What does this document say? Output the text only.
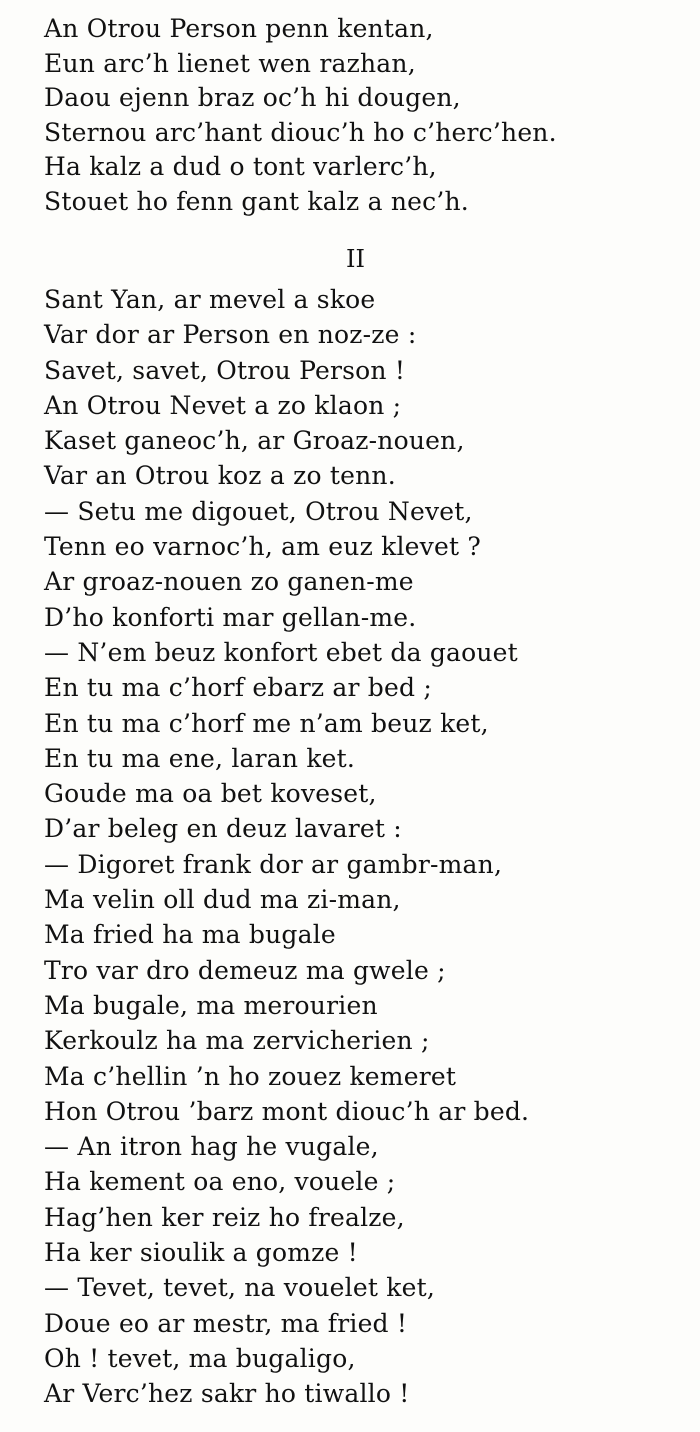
An Otrou Person penn kentan,
Eun arc’h lienet wen razhan,
Daou ejenn braz oc’h hi dougen,
Sternou arc’hant diouc’h ho c’herc’hen.
Ha kalz a dud o tont varlerc’h,
Stouet ho fenn gant kalz a nec’h.
II
Sant Yan, ar mevel a skoe
Var dor ar Person en noz-ze :
Savet, savet, Otrou Person !
An Otrou Nevet a zo klaon ;
Kaset ganeoc’h, ar Groaz-nouen,
Var an Otrou koz a zo tenn.
— Setu me digouet, Otrou Nevet,
Tenn eo varnoc’h, am euz klevet ?
Ar groaz-nouen zo ganen-me
D’ho konforti mar gellan-me.
— N’em beuz konfort ebet da gaouet
En tu ma c’horf ebarz ar bed ;
En tu ma c’horf me n’am beuz ket,
En tu ma ene, laran ket.
Goude ma oa bet koveset,
D’ar beleg en deuz lavaret :
— Digoret frank dor ar gambr-man,
Ma velin oll dud ma zi-man,
Ma fried ha ma bugale
Tro var dro demeuz ma gwele ;
Ma bugale, ma merourien
Kerkoulz ha ma zervicherien ;
Ma c’hellin ’n ho zouez kemeret
Hon Otrou ’barz mont diouc’h ar bed.
— An itron hag he vugale,
Ha kement oa eno, vouele ;
Hag’hen ker reiz ho frealze,
Ha ker sioulik a gomze !
— Tevet, tevet, na vouelet ket,
Doue eo ar mestr, ma fried !
Oh ! tevet, ma bugaligo,
Ar Verc’hez sakr ho tiwallo !
